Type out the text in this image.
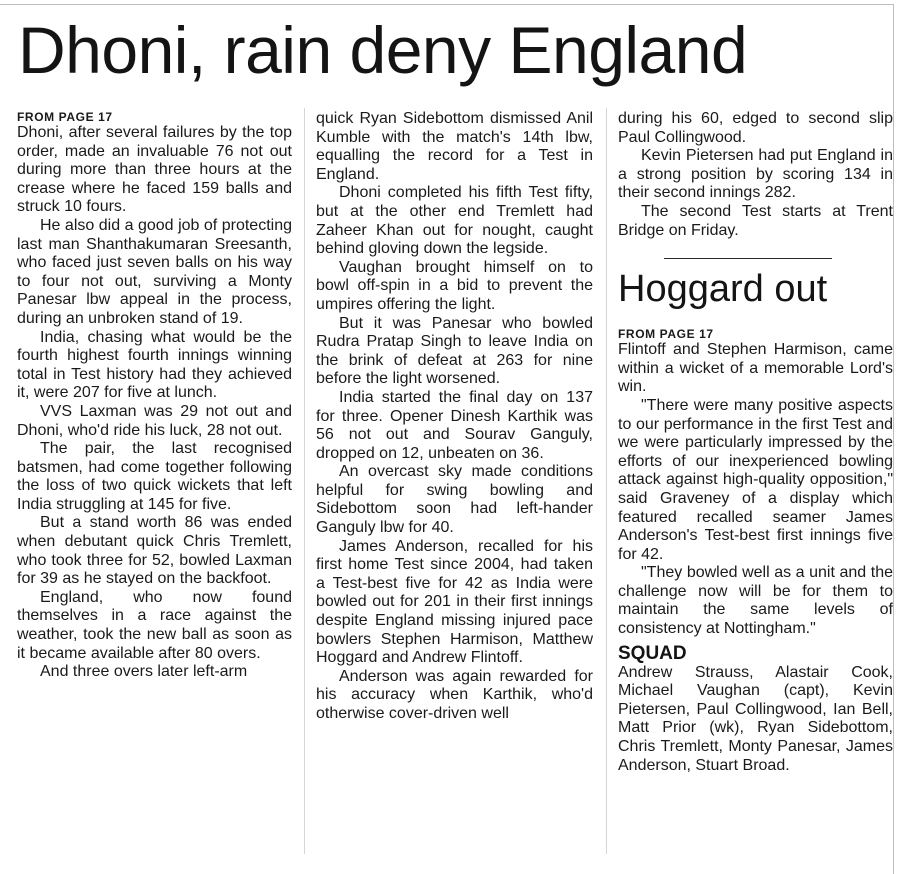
Dhoni, rain deny England
FROM PAGE 17

Dhoni, after several failures by the top order, made an invaluable 76 not out during more than three hours at the crease where he faced 159 balls and struck 10 fours.

He also did a good job of protecting last man Shanthakumaran Sreesanth, who faced just seven balls on his way to four not out, surviving a Monty Panesar lbw appeal in the process, during an unbroken stand of 19.

India, chasing what would be the fourth highest fourth innings winning total in Test history had they achieved it, were 207 for five at lunch.

VVS Laxman was 29 not out and Dhoni, who'd ride his luck, 28 not out.

The pair, the last recognised batsmen, had come together following the loss of two quick wickets that left India struggling at 145 for five.

But a stand worth 86 was ended when debutant quick Chris Tremlett, who took three for 52, bowled Laxman for 39 as he stayed on the backfoot.

England, who now found themselves in a race against the weather, took the new ball as soon as it became available after 80 overs.

And three overs later left-arm

quick Ryan Sidebottom dismissed Anil Kumble with the match's 14th lbw, equalling the record for a Test in England.

Dhoni completed his fifth Test fifty, but at the other end Tremlett had Zaheer Khan out for nought, caught behind gloving down the legside.

Vaughan brought himself on to bowl off-spin in a bid to prevent the umpires offering the light.

But it was Panesar who bowled Rudra Pratap Singh to leave India on the brink of defeat at 263 for nine before the light worsened.

India started the final day on 137 for three. Opener Dinesh Karthik was 56 not out and Sourav Ganguly, dropped on 12, unbeaten on 36.

An overcast sky made conditions helpful for swing bowling and Sidebottom soon had left-hander Ganguly lbw for 40.

James Anderson, recalled for his first home Test since 2004, had taken a Test-best five for 42 as India were bowled out for 201 in their first innings despite England missing injured pace bowlers Stephen Harmison, Matthew Hoggard and Andrew Flintoff.

Anderson was again rewarded for his accuracy when Karthik, who'd otherwise cover-driven well

during his 60, edged to second slip Paul Collingwood.

Kevin Pietersen had put England in a strong position by scoring 134 in their second innings 282.

The second Test starts at Trent Bridge on Friday.

Hoggard out
FROM PAGE 17

Flintoff and Stephen Harmison, came within a wicket of a memorable Lord's win.

"There were many positive aspects to our performance in the first Test and we were particularly impressed by the efforts of our inexperienced bowling attack against high-quality opposition," said Graveney of a display which featured recalled seamer James Anderson's Test-best first innings five for 42.

"They bowled well as a unit and the challenge now will be for them to maintain the same levels of consistency at Nottingham."

SQUAD

Andrew Strauss, Alastair Cook, Michael Vaughan (capt), Kevin Pietersen, Paul Collingwood, Ian Bell, Matt Prior (wk), Ryan Sidebottom, Chris Tremlett, Monty Panesar, James Anderson, Stuart Broad.
